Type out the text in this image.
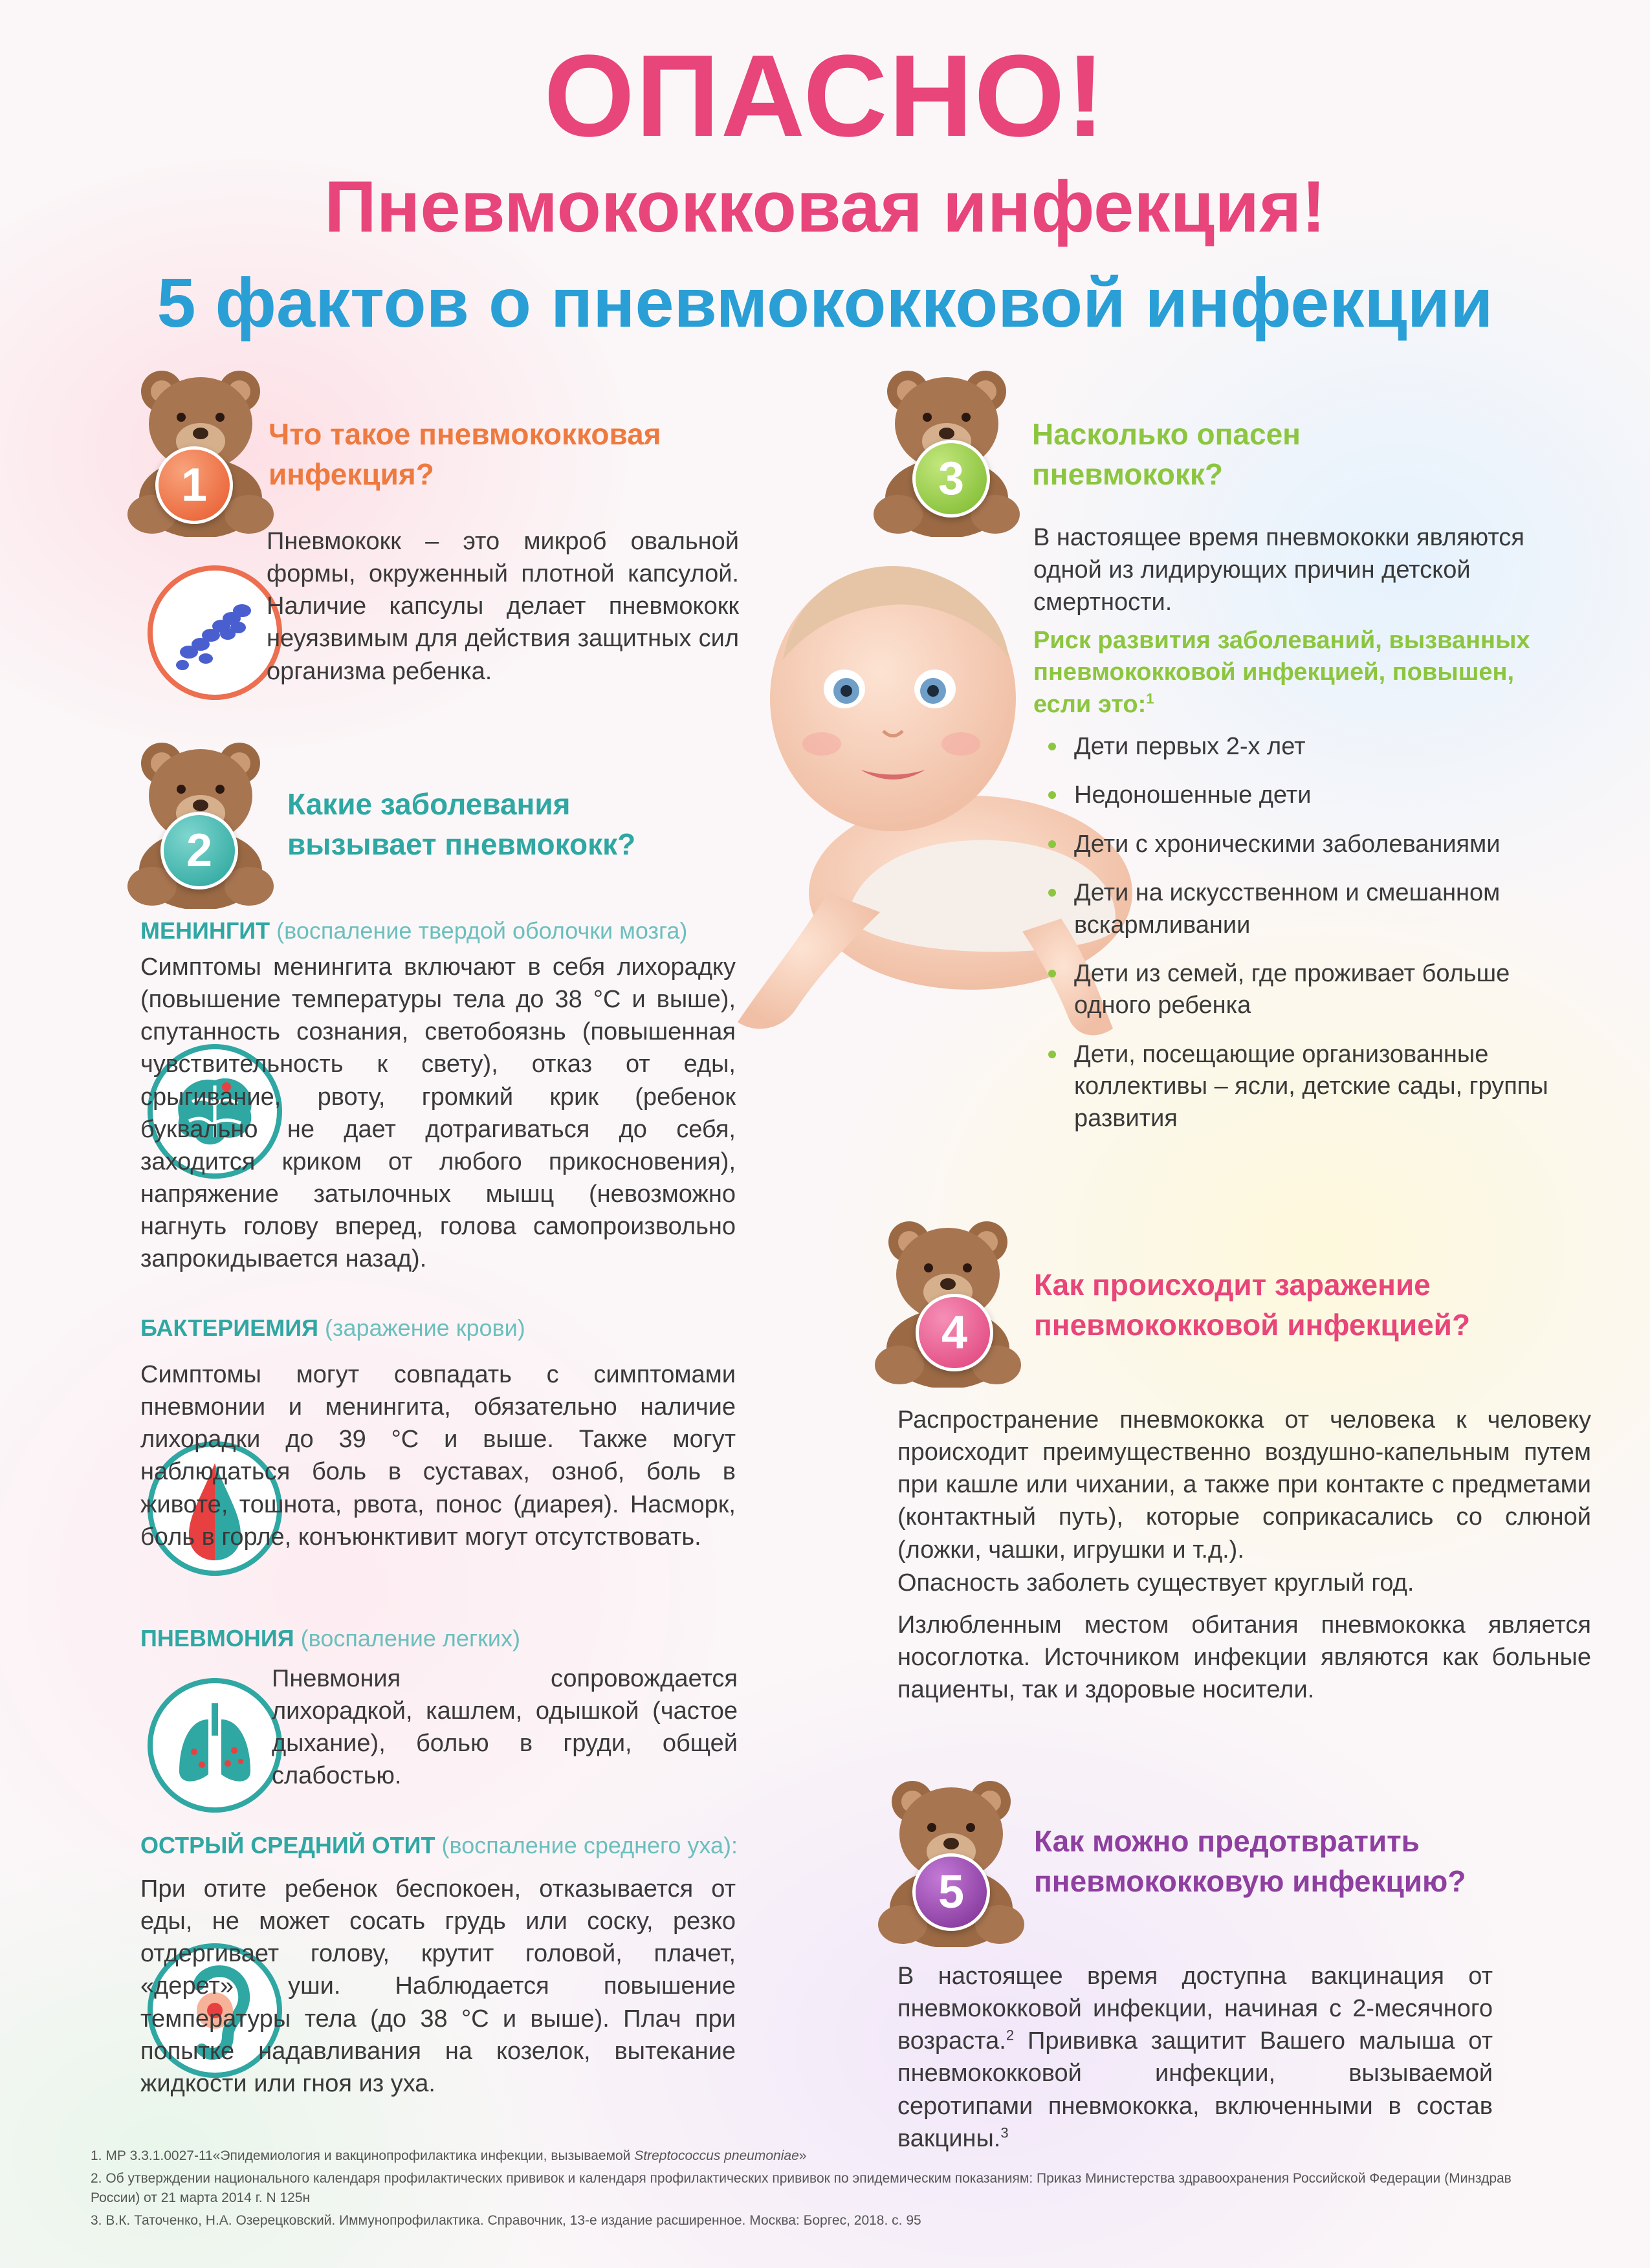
ОПАСНО!
Пневмококковая инфекция!
5 фактов о пневмококковой инфекции
1
Что такое пневмококковая инфекция?

Пневмококк – это микроб овальной формы, окруженный плотной капсулой. Наличие капсулы делает пневмококк неуязвимым для действия защитных сил организма ребенка.

2
Какие заболевания вызывает пневмококк?

МЕНИНГИТ (воспаление твердой оболочки мозга)

Симптомы менингита включают в себя лихорадку (повышение температуры тела до 38 °С и выше), спутанность сознания, светобоязнь (повышенная чувствительность к свету), отказ от еды, срыгивание, рвоту, громкий крик (ребенок буквально не дает дотрагиваться до себя, заходится криком от любого прикосновения), напряжение затылочных мышц (невозможно нагнуть голову вперед, голова самопроизвольно запрокидывается назад).

БАКТЕРИЕМИЯ (заражение крови)

Симптомы могут совпадать с симптомами пневмонии и менингита, обязательно наличие лихорадки до 39 °С и выше. Также могут наблюдаться боль в суставах, озноб, боль в животе, тошнота, рвота, понос (диарея). Насморк, боль в горле, конъюнктивит могут отсутствовать.

ПНЕВМОНИЯ (воспаление легких)

Пневмония сопровождается лихорадкой, кашлем, одышкой (частое дыхание), болью в груди, общей слабостью.

ОСТРЫЙ СРЕДНИЙ ОТИТ (воспаление среднего уха):

При отите ребенок беспокоен, отказывается от еды, не может сосать грудь или соску, резко отдергивает голову, крутит головой, плачет, «дерет» уши. Наблюдается повышение температуры тела (до 38 °С и выше). Плач при попытке надавливания на козелок, вытекание жидкости или гноя из уха.

3
Насколько опасен пневмококк?

В настоящее время пневмококки являются одной из лидирующих причин детской смертности.

Риск развития заболеваний, вызванных пневмококковой инфекцией, повышен, если это:$^1$

Дети первых 2-х лет
Недоношенные дети
Дети с хроническими заболеваниями
Дети на искусственном и смешанном вскармливании
Дети из семей, где проживает больше одного ребенка
Дети, посещающие организованные коллективы – ясли, детские сады, группы развития
4
Как происходит заражение пневмококковой инфекцией?

Распространение пневмококка от человека к человеку происходит преимущественно воздушно-капельным путем при кашле или чихании, а также при контакте с предметами (контактный путь), которые соприкасались со слюной (ложки, чашки, игрушки и т.д.).

Опасность заболеть существует круглый год.

Излюбленным местом обитания пневмококка является носоглотка. Источником инфекции являются как больные пациенты, так и здоровые носители.

5
Как можно предотвратить пневмококковую инфекцию?

В настоящее время доступна вакцинация от пневмококковой инфекции, начиная с 2-месячного возраста.$^2$ Прививка защитит Вашего малыша от пневмококковой инфекции, вызываемой серотипами пневмококка, включенными в состав вакцины.$^3$

1. МР 3.3.1.0027-11«Эпидемиология и вакцинопрофилактика инфекции, вызываемой Streptococcus pneumoniae»

2. Об утверждении национального календаря профилактических прививок и календаря профилактических прививок по эпидемическим показаниям: Приказ Министерства здравоохранения Российской Федерации (Минздрав России) от 21 марта 2014 г. N 125н

3. В.К. Таточенко, Н.А. Озерецковский. Иммунопрофилактика. Справочник, 13-е издание расширенное. Москва: Боргес, 2018. с. 95
